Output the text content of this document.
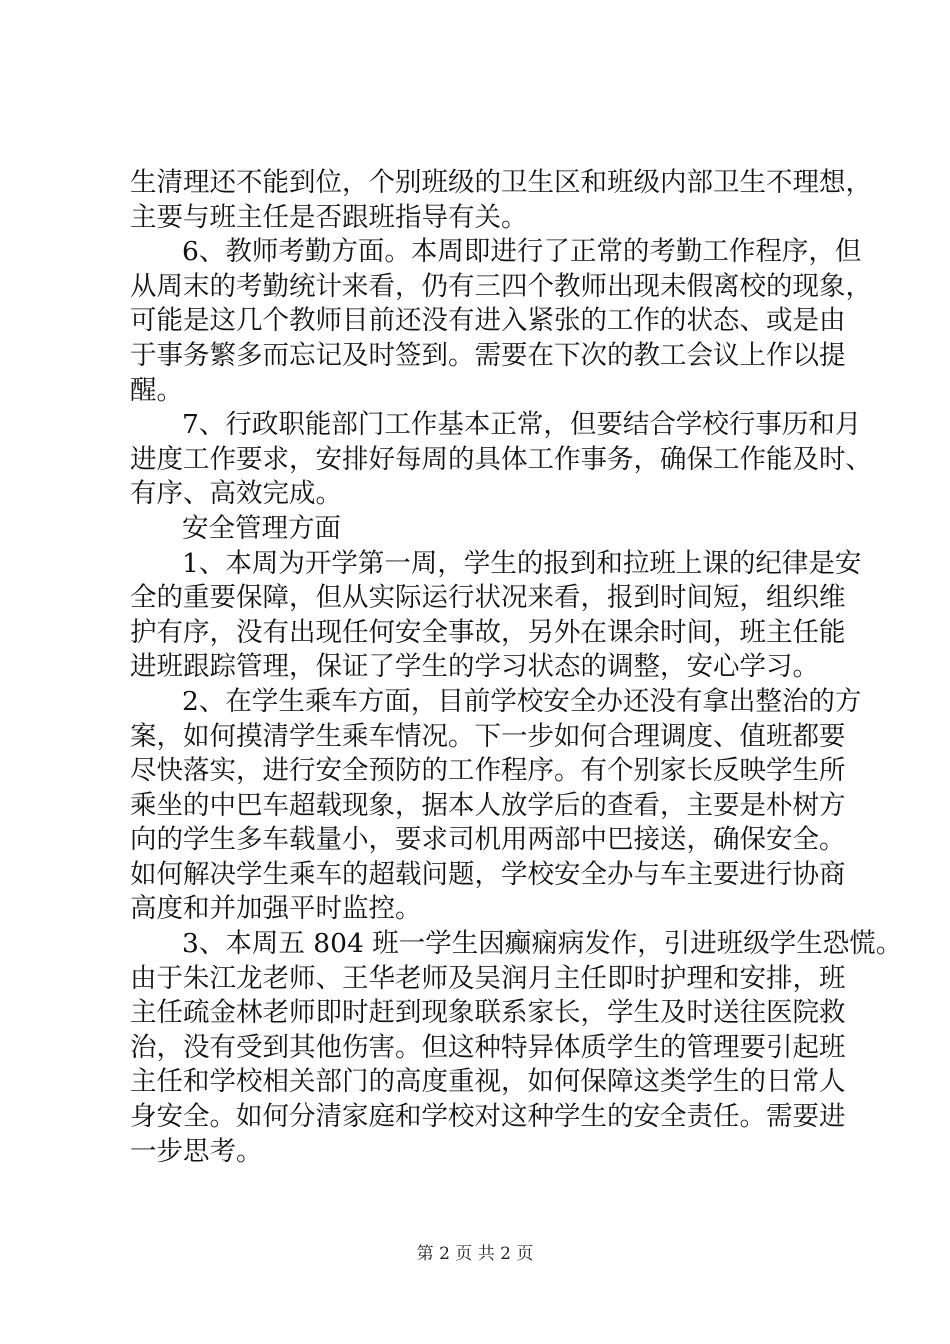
生清理还不能到位，个别班级的卫生区和班级内部卫生不理想，
主要与班主任是否跟班指导有关。
6、教师考勤方面。本周即进行了正常的考勤工作程序，但
从周末的考勤统计来看，仍有三四个教师出现未假离校的现象，
可能是这几个教师目前还没有进入紧张的工作的状态、或是由
于事务繁多而忘记及时签到。需要在下次的教工会议上作以提
醒。
7、行政职能部门工作基本正常，但要结合学校行事历和月
进度工作要求，安排好每周的具体工作事务，确保工作能及时、
有序、高效完成。
安全管理方面
1、本周为开学第一周，学生的报到和拉班上课的纪律是安
全的重要保障，但从实际运行状况来看，报到时间短，组织维
护有序，没有出现任何安全事故，另外在课余时间，班主任能
进班跟踪管理，保证了学生的学习状态的调整，安心学习。
2、在学生乘车方面，目前学校安全办还没有拿出整治的方
案，如何摸清学生乘车情况。下一步如何合理调度、值班都要
尽快落实，进行安全预防的工作程序。有个别家长反映学生所
乘坐的中巴车超载现象，据本人放学后的查看，主要是朴树方
向的学生多车载量小，要求司机用两部中巴接送，确保安全。
如何解决学生乘车的超载问题，学校安全办与车主要进行协商
高度和并加强平时监控。
3、本周五 804 班一学生因癫痫病发作，引进班级学生恐慌。
由于朱江龙老师、王华老师及吴润月主任即时护理和安排，班
主任疏金林老师即时赶到现象联系家长，学生及时送往医院救
治，没有受到其他伤害。但这种特异体质学生的管理要引起班
主任和学校相关部门的高度重视，如何保障这类学生的日常人
身安全。如何分清家庭和学校对这种学生的安全责任。需要进
一步思考。
第 2 页 共 2 页
